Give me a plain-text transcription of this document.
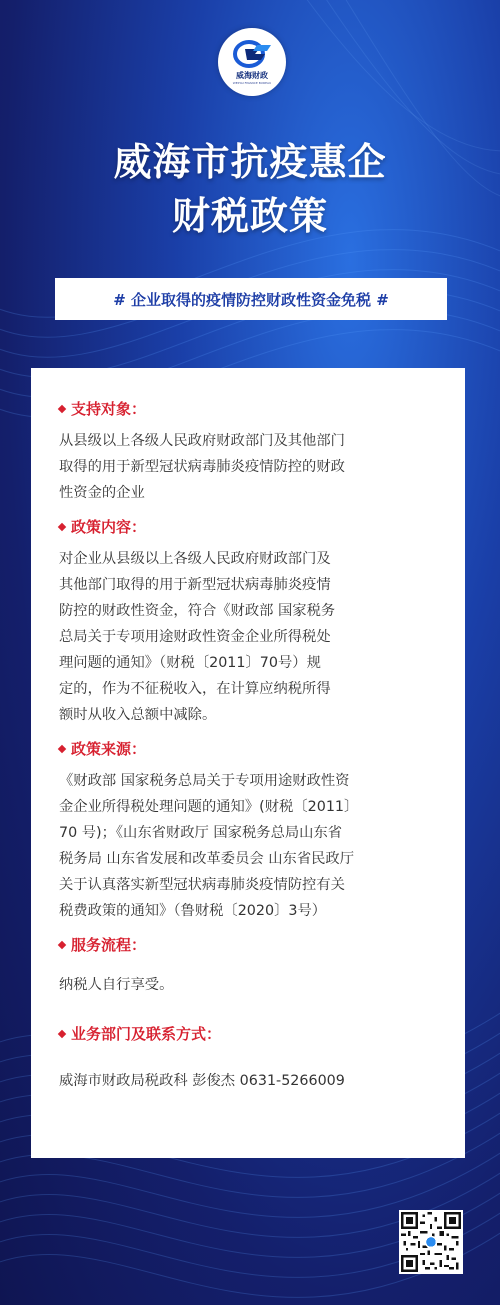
威海财政
WEIHAI FINANCE BUREAU
威海市抗疫惠企
财税政策
# 企业取得的疫情防控财政性资金免税 #
支持对象：
从县级以上各级人民政府财政部门及其他部门
取得的用于新型冠状病毒肺炎疫情防控的财政
性资金的企业
政策内容：
对企业从县级以上各级人民政府财政部门及
其他部门取得的用于新型冠状病毒肺炎疫情
防控的财政性资金，符合《财政部 国家税务
总局关于专项用途财政性资金企业所得税处
理问题的通知》（财税〔2011〕70号）规
定的，作为不征税收入，在计算应纳税所得
额时从收入总额中减除。
政策来源：
《财政部 国家税务总局关于专项用途财政性资
金企业所得税处理问题的通知》(财税〔2011〕
70 号)；《山东省财政厅 国家税务总局山东省
税务局 山东省发展和改革委员会 山东省民政厅
关于认真落实新型冠状病毒肺炎疫情防控有关
税费政策的通知》（鲁财税〔2020〕3号）
服务流程：
纳税人自行享受。
业务部门及联系方式：
威海市财政局税政科 彭俊杰 0631-5266009
